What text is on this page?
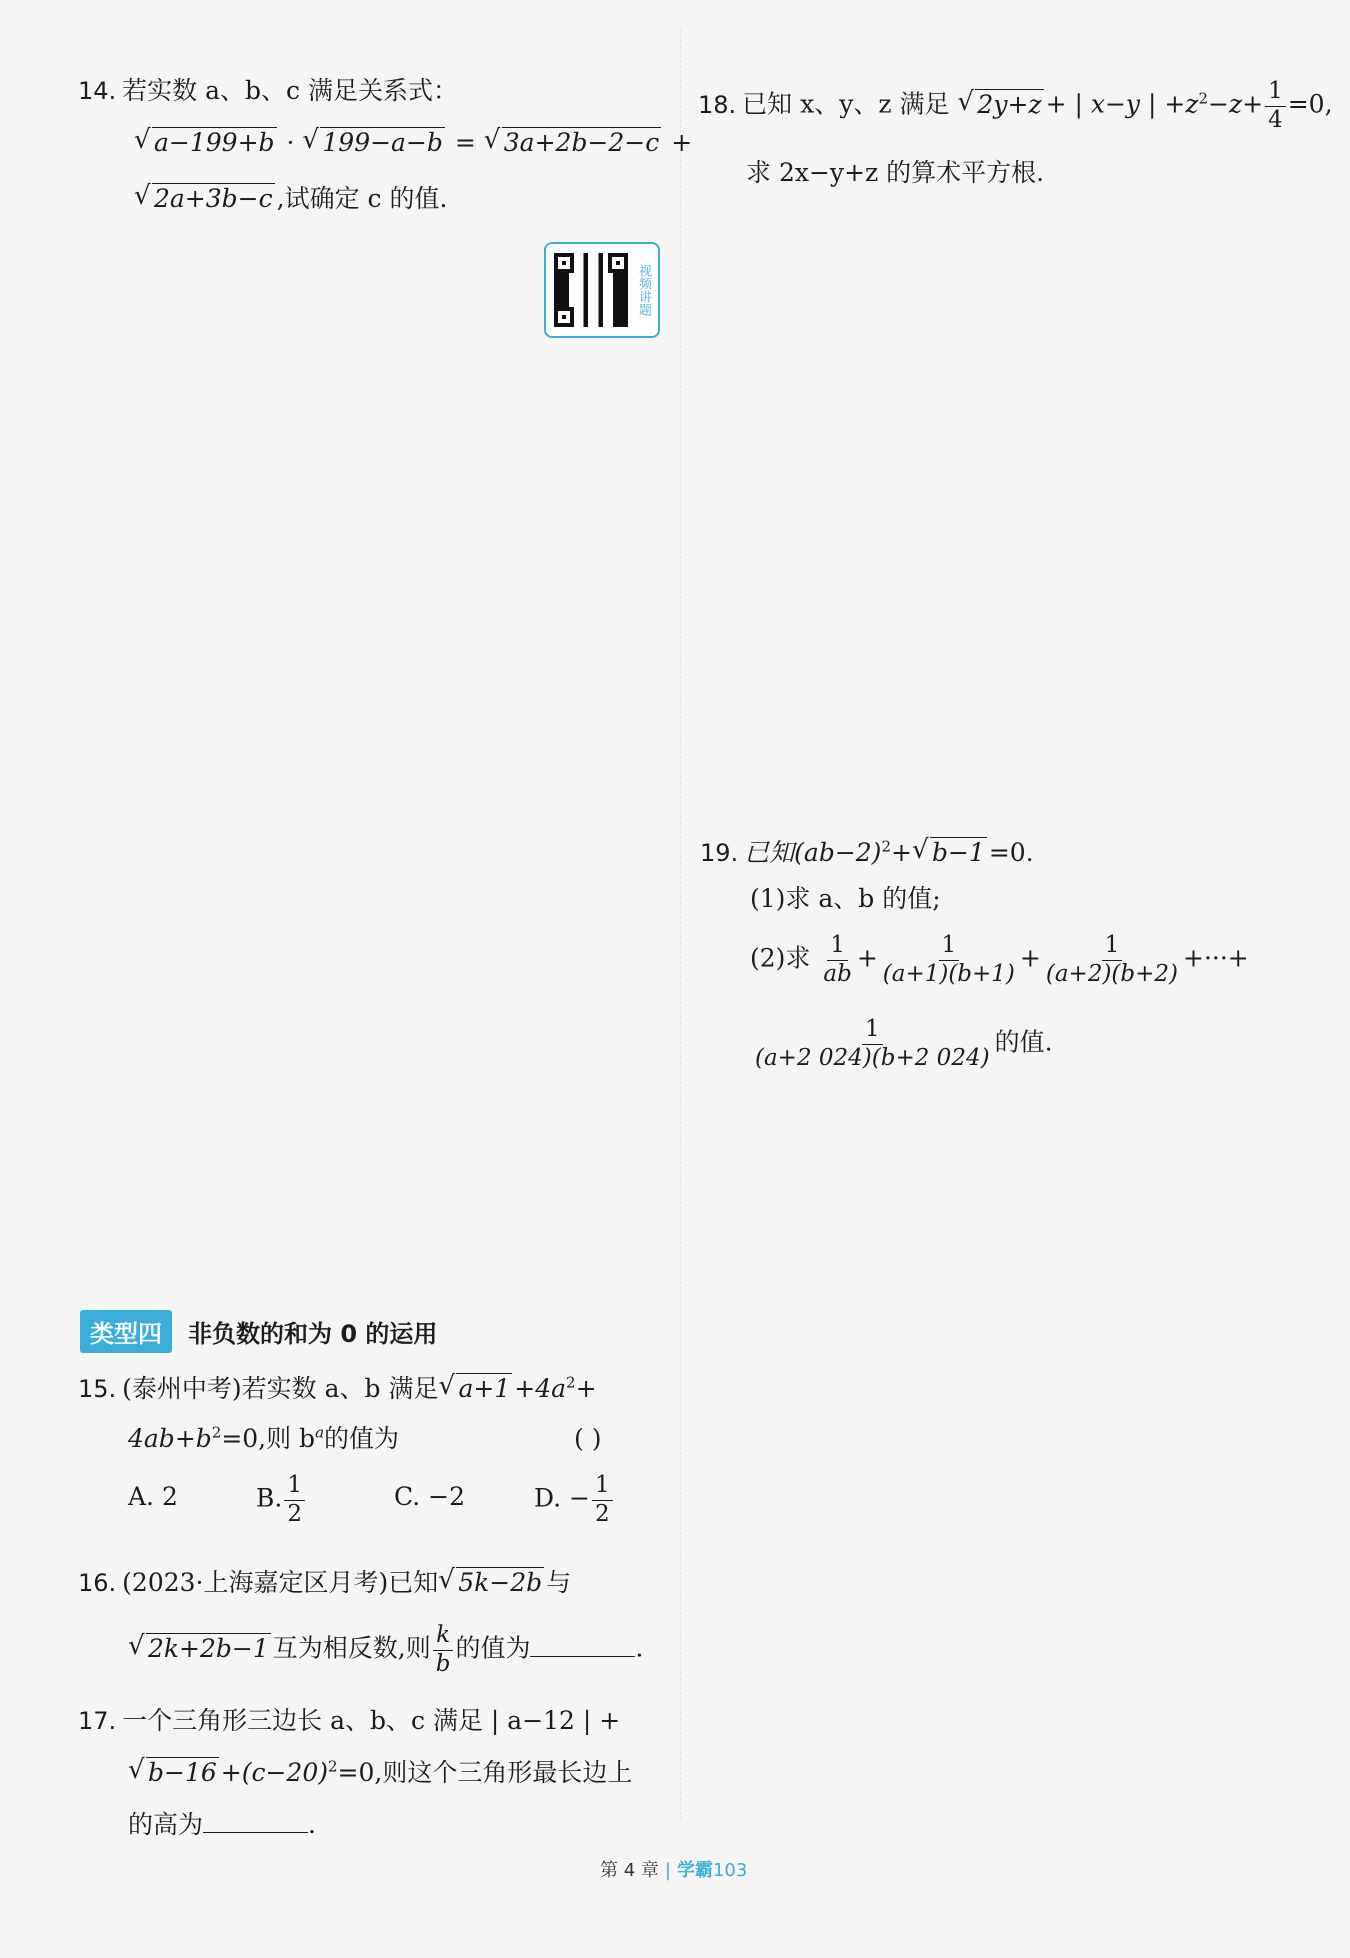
14. 若实数 a、b、c 满足关系式：
√ a−199+b · √ 199−a−b = √ 3a+2b−2−c +
√ 2a+3b−c ,试确定 c 的值.
视频讲题
18. 已知 x、y、z 满足 √ 2y+z + | x−y | $+z^2-z+ \frac{1}{4} =0$,
求 2x−y+z 的算术平方根.
19. 已知$(ab-2)^2+√$ b−1 =0.
(1)求 a、b 的值;
(2)求 $\frac{1}{ab} + \frac{1}{(a+1)(b+1)} + \frac{1}{(a+2)(b+2)}$ +···+
$\frac{1}{(a+2 024)(b+2 024)}$ 的值.
类型四	非负数的和为 0 的运用
15. (泰州中考)若实数 a、b 满足√ $a+1 +4a^2+$
$4ab+b^2=0$,则 $b^a$的值为	( )
A. 2	B. $\frac{1}{2}$	C. −2	D. − $\frac{1}{2}$
16. (2023·上海嘉定区月考)已知√ 5k−2b 与
√ 2k+2b−1 互为相反数,则 $\frac{k}{b}$ 的值为	.
17. 一个三角形三边长 a、b、c 满足 | a−12 | +
√ $b-16 +(c-20)^2=0$,则这个三角形最长边上
的高为	.
第 4 章 | 学霸103
